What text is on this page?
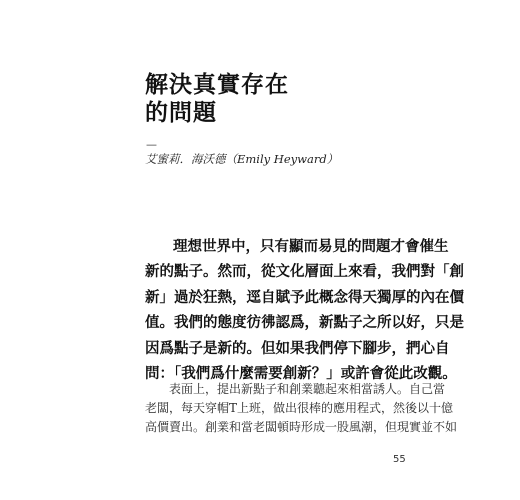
解決真實存在
的問題
—
艾蜜莉．海沃德（Emily Heyward）
理想世界中，只有顯而易見的問題才會催生
新的點子。然而，從文化層面上來看，我們對「創
新」過於狂熱，逕自賦予此概念得天獨厚的內在價
值。我們的態度彷彿認爲，新點子之所以好，只是
因爲點子是新的。但如果我們停下腳步，捫心自
問：「我們爲什麼需要創新？」或許會從此改觀。
表面上，提出新點子和創業聽起來相當誘人。自己當
老闆，每天穿帽T上班，做出很棒的應用程式，然後以十億
高價賣出。創業和當老闆頓時形成一股風潮，但現實並不如
55
